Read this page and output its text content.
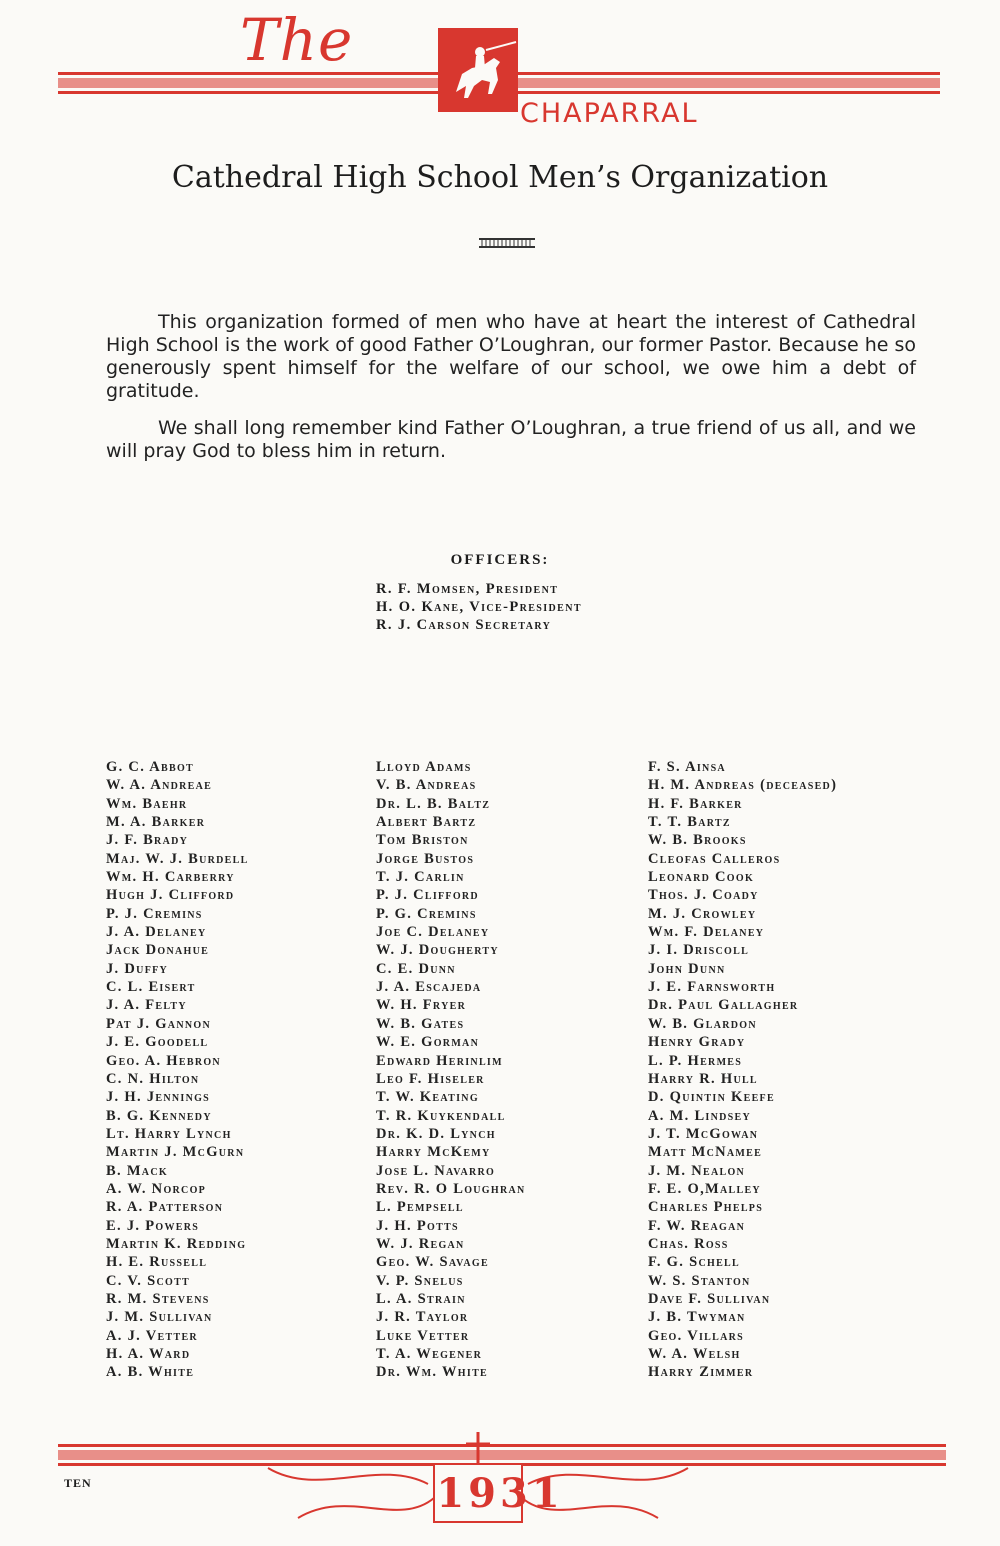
The
CHAPARRAL
Cathedral High School Men’s Organization

This organization formed of men who have at heart the interest of Cathedral High School is the work of good Father O’Loughran, our former Pastor. Because he so generously spent himself for the welfare of our school, we owe him a debt of gratitude.

We shall long remember kind Father O’Loughran, a true friend of us all, and we will pray God to bless him in return.

OFFICERS:
R. F. Momsen, President
H. O. Kane, Vice-President
R. J. Carson Secretary
G. C. Abbot
W. A. Andreae
Wm. Baehr
M. A. Barker
J. F. Brady
Maj. W. J. Burdell
Wm. H. Carberry
Hugh J. Clifford
P. J. Cremins
J. A. Delaney
Jack Donahue
J. Duffy
C. L. Eisert
J. A. Felty
Pat J. Gannon
J. E. Goodell
Geo. A. Hebron
C. N. Hilton
J. H. Jennings
B. G. Kennedy
Lt. Harry Lynch
Martin J. McGurn
B. Mack
A. W. Norcop
R. A. Patterson
E. J. Powers
Martin K. Redding
H. E. Russell
C. V. Scott
R. M. Stevens
J. M. Sullivan
A. J. Vetter
H. A. Ward
A. B. White
Lloyd Adams
V. B. Andreas
Dr. L. B. Baltz
Albert Bartz
Tom Briston
Jorge Bustos
T. J. Carlin
P. J. Clifford
P. G. Cremins
Joe C. Delaney
W. J. Dougherty
C. E. Dunn
J. A. Escajeda
W. H. Fryer
W. B. Gates
W. E. Gorman
Edward Herinlim
Leo F. Hiseler
T. W. Keating
T. R. Kuykendall
Dr. K. D. Lynch
Harry McKemy
Jose L. Navarro
Rev. R. O Loughran
L. Pempsell
J. H. Potts
W. J. Regan
Geo. W. Savage
V. P. Snelus
L. A. Strain
J. R. Taylor
Luke Vetter
T. A. Wegener
Dr. Wm. White
F. S. Ainsa
H. M. Andreas (deceased)
H. F. Barker
T. T. Bartz
W. B. Brooks
Cleofas Calleros
Leonard Cook
Thos. J. Coady
M. J. Crowley
Wm. F. Delaney
J. I. Driscoll
John Dunn
J. E. Farnsworth
Dr. Paul Gallagher
W. B. Glardon
Henry Grady
L. P. Hermes
Harry R. Hull
D. Quintin Keefe
A. M. Lindsey
J. T. McGowan
Matt McNamee
J. M. Nealon
F. E. O,Malley
Charles Phelps
F. W. Reagan
Chas. Ross
F. G. Schell
W. S. Stanton
Dave F. Sullivan
J. B. Twyman
Geo. Villars
W. A. Welsh
Harry Zimmer
1931
TEN
